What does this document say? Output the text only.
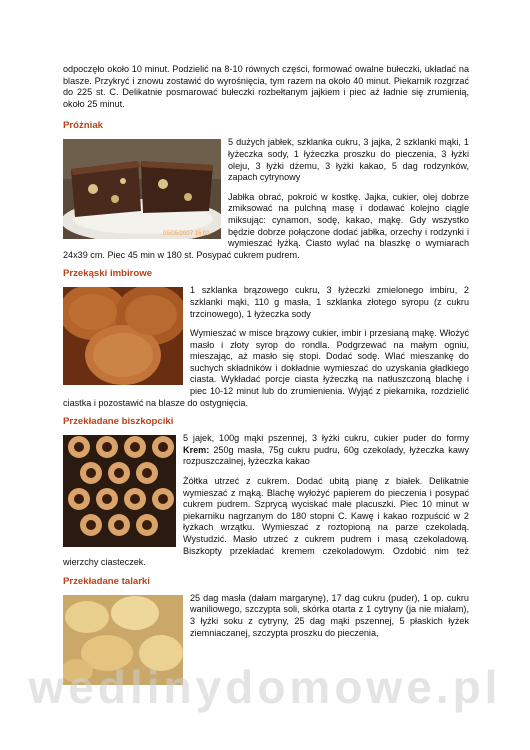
odpoczęło około 10 minut. Podzielić na 8-10 równych części, formować owalne bułeczki, układać na blasze. Przykryć i znowu zostawić do wyrośnięcia, tym razem na około 40 minut. Piekarnik rozgrzać do 225 st. C. Delikatnie posmarować bułeczki rozbełtanym jajkiem i piec aż ładnie się zrumienią, około 25 minut.

Próżniak
05/05/2007 15:01

5 dużych jabłek, szklanka cukru, 3 jajka, 2 szklanki mąki, 1 łyżeczka sody, 1 łyżeczka proszku do pieczenia, 3 łyżki oleju, 3 łyżki dżemu, 3 łyżki kakao, 5 dag rodzynków, zapach cytrynowy

Jabłka obrać, pokroić w kostkę. Jajka, cukier, olej dobrze zmiksować na pulchną masę i dodawać kolejno ciągle miksując: cynamon, sodę, kakao, mąkę. Gdy wszystko będzie dobrze połączone dodać jabłka, orzechy i rodzynki i wymieszać łyżką. Ciasto wylać na blaszkę o wymiarach 24x39 cm. Piec 45 min w 180 st. Posypać cukrem pudrem.

Przekąski imbirowe

1 szklanka brązowego cukru, 3 łyżeczki zmielonego imbiru, 2 szklanki mąki, 110 g masła, 1 szklanka złotego syropu (z cukru trzcinowego), 1 łyżeczka sody

Wymieszać w misce brązowy cukier, imbir i przesianą mąkę. Włożyć masło i złoty syrop do rondla. Podgrzewać na małym ogniu, mieszając, aż masło się stopi. Dodać sodę. Wlać mieszankę do suchych składników i dokładnie wymieszać do uzyskania gładkiego ciasta. Wykładać porcje ciasta łyżeczką na natłuszczoną blachę i piec 10-12 minut lub do zrumienienia. Wyjąć z piekarnika, rozdzielić ciastka i pozostawić na blasze do ostygnięcia.

Przekładane biszkopciki

5 jajek, 100g mąki pszennej, 3 łyżki cukru, cukier puder do formy Krem: 250g masła, 75g cukru pudru, 60g czekolady, łyżeczka kawy rozpuszczalnej, łyżeczka kakao

Żółtka utrzeć z cukrem. Dodać ubitą pianę z białek. Delikatnie wymieszać z mąką. Blachę wyłożyć papierem do pieczenia i posypać cukrem pudrem. Szprycą wyciskać małe placuszki. Piec 10 minut w piekarniku nagrzanym do 180 stopni C. Kawę i kakao rozpuścić w 2 łyżkach wrzątku. Wymieszać z roztopioną na parze czekoladą. Wystudzić. Masło utrzeć z cukrem pudrem i masą czekoladową. Biszkopty przekładać kremem czekoladowym. Ozdobić nim też wierzchy ciasteczek.

Przekładane talarki

25 dag masła (dałam margarynę), 17 dag cukru (puder), 1 op. cukru waniliowego, szczypta soli, skórka otarta z 1 cytryny (ja nie miałam), 3 łyżki soku z cytryny, 25 dag mąki pszennej, 5 płaskich łyżek ziemniaczanej, szczypta proszku do pieczenia,

wedlinydomowe.pl
